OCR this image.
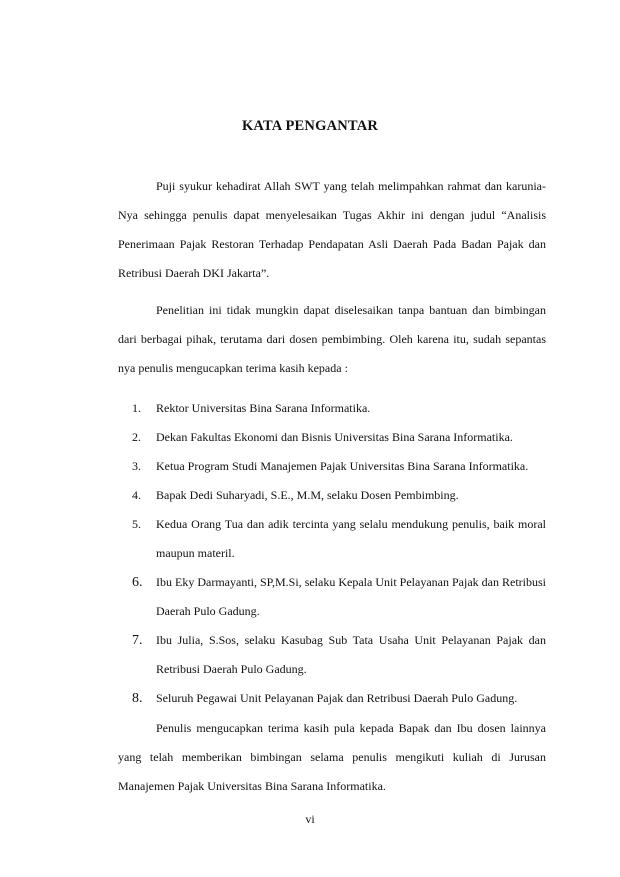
KATA PENGANTAR

Puji syukur kehadirat Allah SWT yang telah melimpahkan rahmat dan karunia-Nya sehingga penulis dapat menyelesaikan Tugas Akhir ini dengan judul “Analisis Penerimaan Pajak Restoran Terhadap Pendapatan Asli Daerah Pada Badan Pajak dan Retribusi Daerah DKI Jakarta”.

Penelitian ini tidak mungkin dapat diselesaikan tanpa bantuan dan bimbingan dari berbagai pihak, terutama dari dosen pembimbing. Oleh karena itu, sudah sepantas nya penulis mengucapkan terima kasih kepada :

1. Rektor Universitas Bina Sarana Informatika.
2. Dekan Fakultas Ekonomi dan Bisnis Universitas Bina Sarana Informatika.
3. Ketua Program Studi Manajemen Pajak Universitas Bina Sarana Informatika.
4. Bapak Dedi Suharyadi, S.E., M.M, selaku Dosen Pembimbing.
5. Kedua Orang Tua dan adik tercinta yang selalu mendukung penulis, baik moral maupun materil.
6. Ibu Eky Darmayanti, SP,M.Si, selaku Kepala Unit Pelayanan Pajak dan Retribusi Daerah Pulo Gadung.
7. Ibu Julia, S.Sos, selaku Kasubag Sub Tata Usaha Unit Pelayanan Pajak dan Retribusi Daerah Pulo Gadung.
8. Seluruh Pegawai Unit Pelayanan Pajak dan Retribusi Daerah Pulo Gadung.

Penulis mengucapkan terima kasih pula kepada Bapak dan Ibu dosen lainnya yang telah memberikan bimbingan selama penulis mengikuti kuliah di Jurusan Manajemen Pajak Universitas Bina Sarana Informatika.

vi
